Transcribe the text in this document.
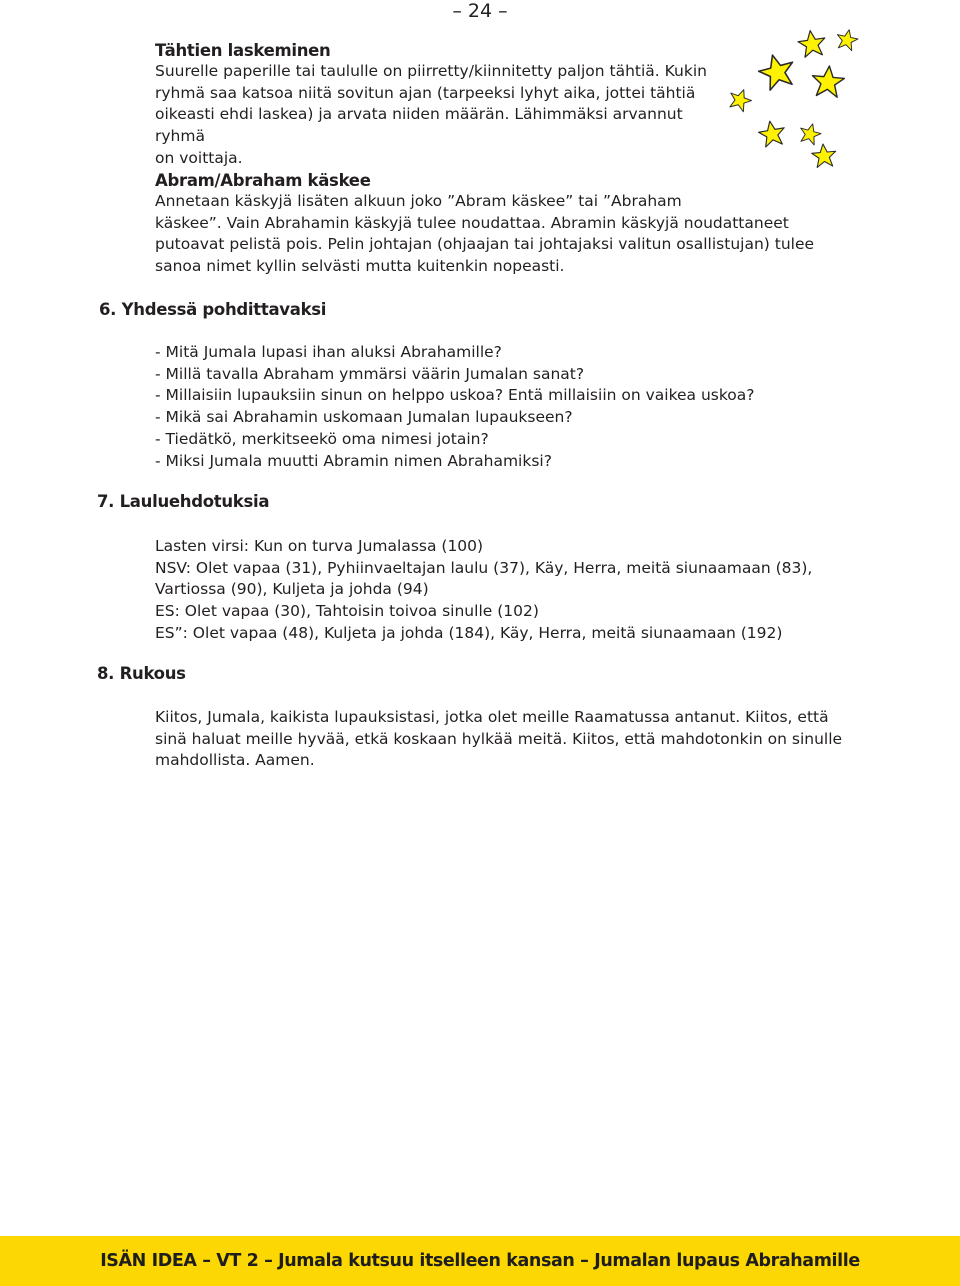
– 24 –
Tähtien laskeminen
Suurelle paperille tai taululle on piirretty/kiinnitetty paljon tähtiä. Kukin
ryhmä saa katsoa niitä sovitun ajan (tarpeeksi lyhyt aika, jottei tähtiä
oikeasti ehdi laskea) ja arvata niiden määrän. Lähimmäksi arvannut ryhmä
on voittaja.
Abram/Abraham käskee
Annetaan käskyjä lisäten alkuun joko ”Abram käskee” tai ”Abraham
käskee”. Vain Abrahamin käskyjä tulee noudattaa. Abramin käskyjä noudattaneet
putoavat pelistä pois. Pelin johtajan (ohjaajan tai johtajaksi valitun osallistujan) tulee
sanoa nimet kyllin selvästi mutta kuitenkin nopeasti.
6. Yhdessä pohdittavaksi
- Mitä Jumala lupasi ihan aluksi Abrahamille?
- Millä tavalla Abraham ymmärsi väärin Jumalan sanat?
- Millaisiin lupauksiin sinun on helppo uskoa? Entä millaisiin on vaikea uskoa?
- Mikä sai Abrahamin uskomaan Jumalan lupaukseen?
- Tiedätkö, merkitseekö oma nimesi jotain?
- Miksi Jumala muutti Abramin nimen Abrahamiksi?
7. Lauluehdotuksia
Lasten virsi: Kun on turva Jumalassa (100)
NSV: Olet vapaa (31), Pyhiinvaeltajan laulu (37), Käy, Herra, meitä siunaamaan (83),
Vartiossa (90), Kuljeta ja johda (94)
ES: Olet vapaa (30), Tahtoisin toivoa sinulle (102)
ES”: Olet vapaa (48), Kuljeta ja johda (184), Käy, Herra, meitä siunaamaan (192)
8. Rukous
Kiitos, Jumala, kaikista lupauksistasi, jotka olet meille Raamatussa antanut. Kiitos, että
sinä haluat meille hyvää, etkä koskaan hylkää meitä. Kiitos, että mahdotonkin on sinulle
mahdollista. Aamen.
ISÄN IDEA – VT 2 – Jumala kutsuu itselleen kansan – Jumalan lupaus Abrahamille
